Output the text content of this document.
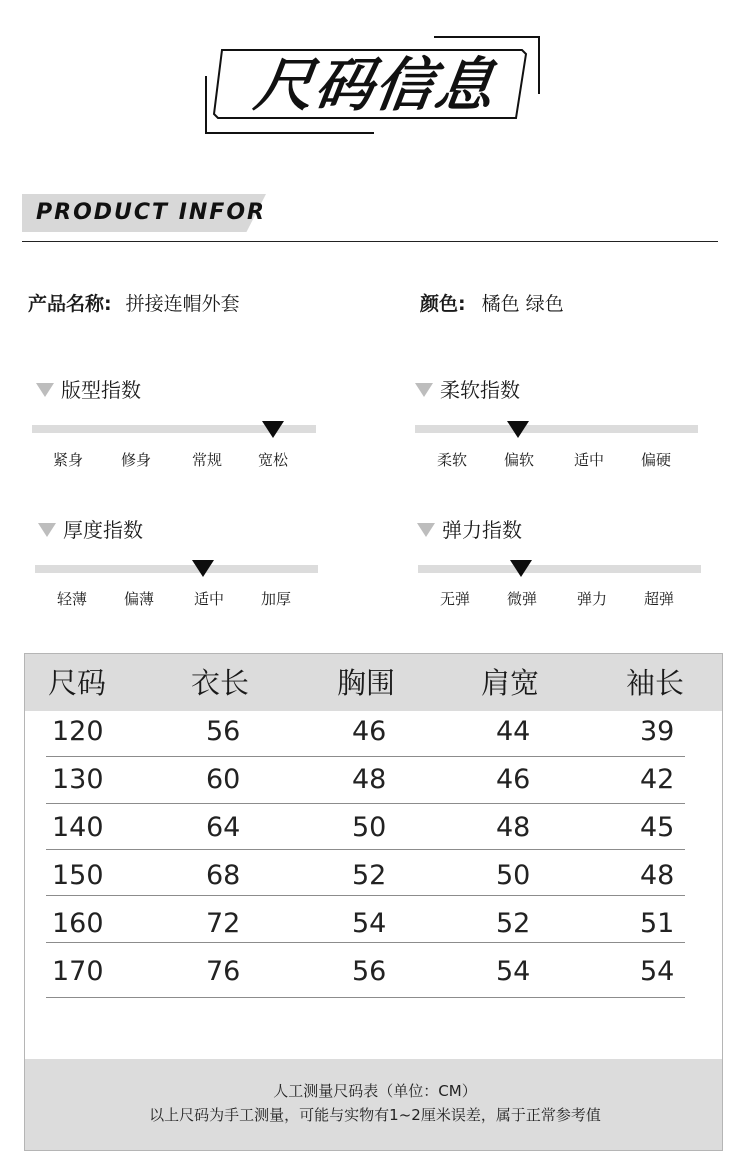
尺码信息
PRODUCT INFOR
产品名称: 拼接连帽外套	颜色: 橘色 绿色
版型指数
紧身	修身	常规 宽松
柔软指数
柔软 偏软	适中 偏硬
厚度指数
轻薄 偏薄	适中 加厚
弹力指数
无弹 微弹	弹力 超弹
尺码	衣长	胸围	肩宽	袖长
120	56	46	44	39
130	60	48	46	42
140	64	50	48	45
150	68	52	50	48
160	72	54	52	51
170	76	56	54	54
人工测量尺码表（单位：CM）
以上尺码为手工测量，可能与实物有1~2厘米误差，属于正常参考值
